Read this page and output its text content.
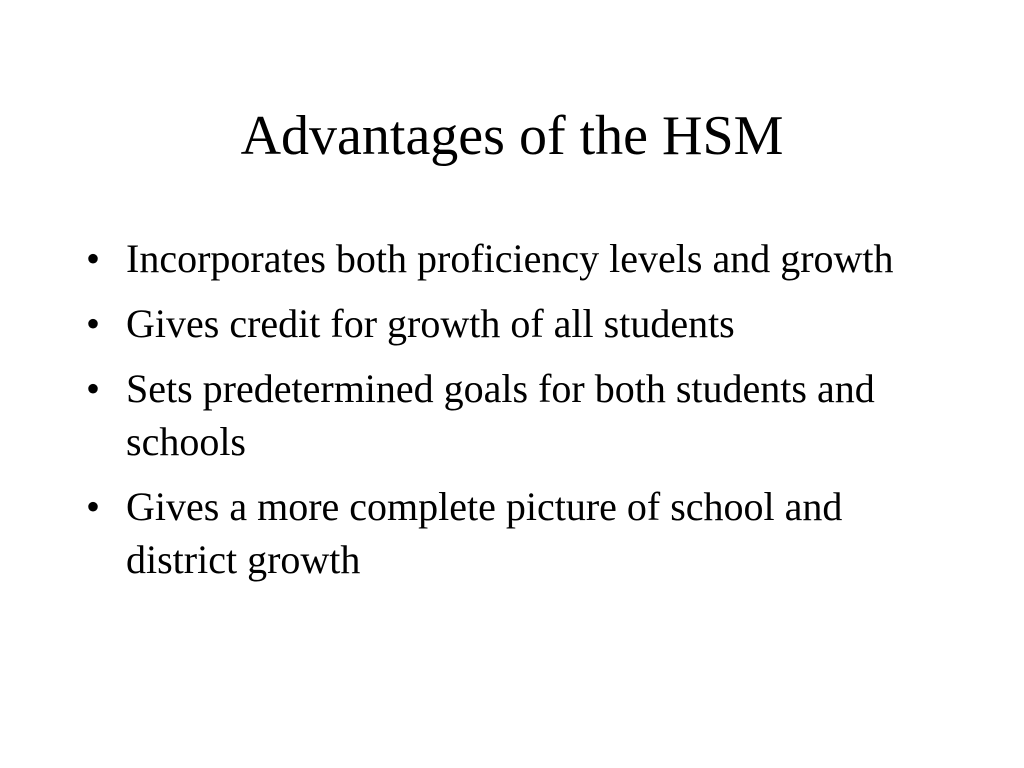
Advantages of the HSM
• Incorporates both proficiency levels and growth
• Gives credit for growth of all students
• Sets predetermined goals for both students and schools
• Gives a more complete picture of school and district growth
